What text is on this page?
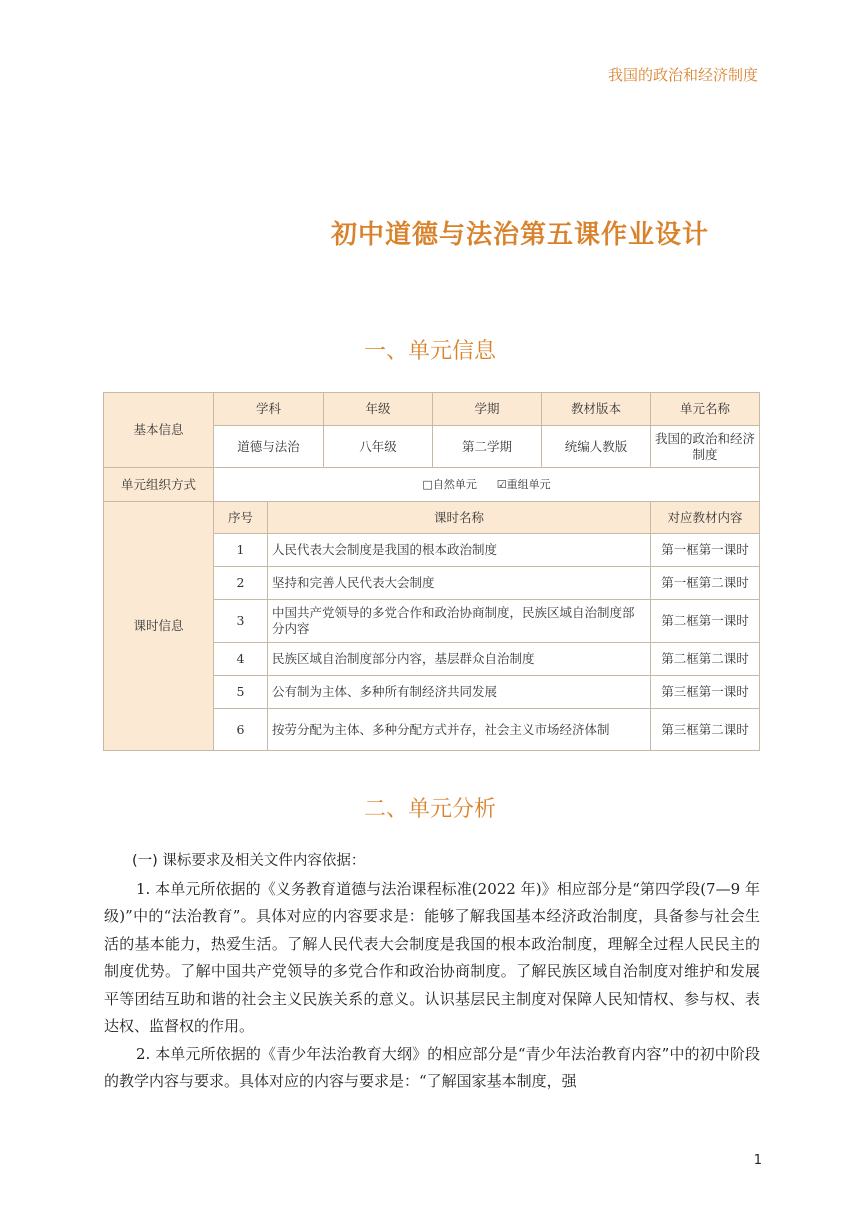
我国的政治和经济制度
初中道德与法治第五课作业设计
一、单元信息
基本信息	学科		年级	学期	教材版本	单元名称
	道德与法治		八年级	第二学期	统编人教版	我国的政治和经济制度
单元组织方式	□自然单元 ☑重组单元					
课时信息	序号	课时名称				对应教材内容
	1	人民代表大会制度是我国的根本政治制度				第一框第一课时
	2	坚持和完善人民代表大会制度				第一框第二课时
	3	中国共产党领导的多党合作和政治协商制度，民族区域自治制度部分内容				第二框第一课时
	4	民族区域自治制度部分内容，基层群众自治制度				第二框第二课时
	5	公有制为主体、多种所有制经济共同发展				第三框第一课时
	6	按劳分配为主体、多种分配方式并存，社会主义市场经济体制				第三框第二课时
二、单元分析
(一) 课标要求及相关文件内容依据：

1. 本单元所依据的《义务教育道德与法治课程标准(2022 年)》相应部分是“第四学段(7—9 年级)”中的“法治教育”。具体对应的内容要求是：能够了解我国基本经济政治制度，具备参与社会生活的基本能力，热爱生活。了解人民代表大会制度是我国的根本政治制度，理解全过程人民民主的制度优势。了解中国共产党领导的多党合作和政治协商制度。了解民族区域自治制度对维护和发展平等团结互助和谐的社会主义民族关系的意义。认识基层民主制度对保障人民知情权、参与权、表达权、监督权的作用。

2. 本单元所依据的《青少年法治教育大纲》的相应部分是“青少年法治教育内容”中的初中阶段的教学内容与要求。具体对应的内容与要求是：“了解国家基本制度，强

1
